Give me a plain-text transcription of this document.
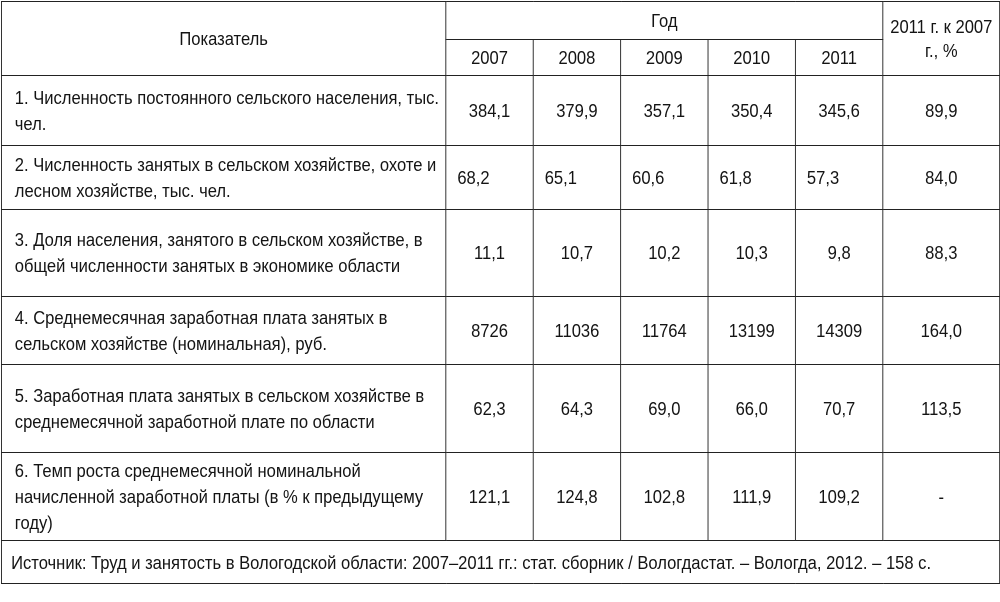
Показатель	Год					2011 г. к 2007 г., %
	2007	2008	2009	2010	2011	
1. Численность постоянного сельского населения, тыс. чел.	384,1	379,9	357,1	350,4	345,6	89,9
2. Численность занятых в сельском хозяйстве, охоте и лесном хозяйстве, тыс. чел.	68,2	65,1	60,6	61,8	57,3	84,0
3. Доля населения, занятого в сельском хозяйстве, в общей численности занятых в экономике области	11,1	10,7	10,2	10,3	9,8	88,3
4. Среднемесячная заработная плата занятых в сельском хозяйстве (номинальная), руб.	8726	11036	11764	13199	14309	164,0
5. Заработная плата занятых в сельском хозяйстве в среднемесячной заработной плате по области	62,3	64,3	69,0	66,0	70,7	113,5
6. Темп роста среднемесячной номинальной начисленной заработной платы (в % к предыдущему году)	121,1	124,8	102,8	111,9	109,2	-
Источник: Труд и занятость в Вологодской области: 2007–2011 гг.: стат. сборник / Вологдастат. – Вологда, 2012. – 158 с.						
